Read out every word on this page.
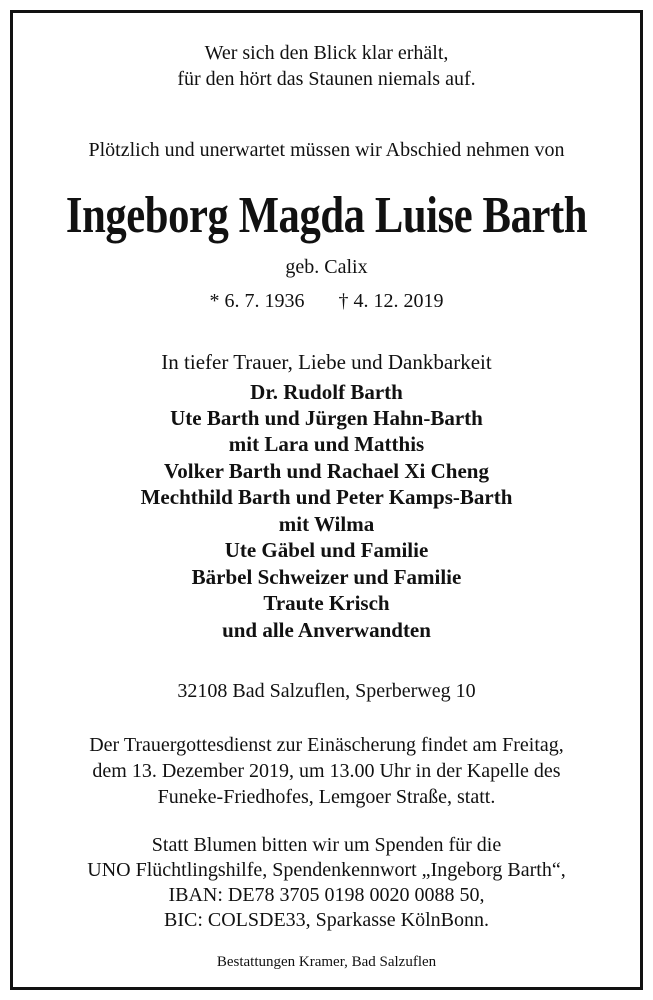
Wer sich den Blick klar erhält,

für den hört das Staunen niemals auf.

Plötzlich und unerwartet müssen wir Abschied nehmen von

Ingeborg Magda Luise Barth

geb. Calix

* 6. 7. 1936 † 4. 12. 2019

In tiefer Trauer, Liebe und Dankbarkeit

Dr. Rudolf Barth

Ute Barth und Jürgen Hahn-Barth

mit Lara und Matthis

Volker Barth und Rachael Xi Cheng

Mechthild Barth und Peter Kamps-Barth

mit Wilma

Ute Gäbel und Familie

Bärbel Schweizer und Familie

Traute Krisch

und alle Anverwandten

32108 Bad Salzuflen, Sperberweg 10

Der Trauergottesdienst zur Einäscherung findet am Freitag,

dem 13. Dezember 2019, um 13.00 Uhr in der Kapelle des

Funeke-Friedhofes, Lemgoer Straße, statt.

Statt Blumen bitten wir um Spenden für die

UNO Flüchtlingshilfe, Spendenkennwort „Ingeborg Barth“,

IBAN: DE78 3705 0198 0020 0088 50,

BIC: COLSDE33, Sparkasse KölnBonn.

Bestattungen Kramer, Bad Salzuflen
